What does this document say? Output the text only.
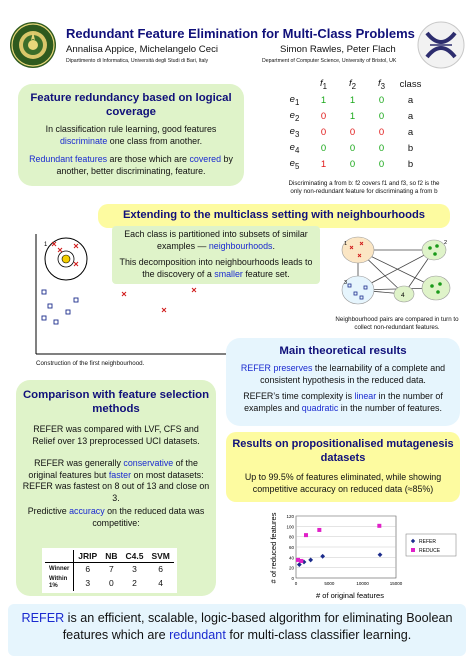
Redundant Feature Elimination for Multi-Class Problems
Annalisa Appice, Michelangelo Ceci	Simon Rawles, Peter Flach
Dipartimento di Informatica, Università degli Studi di Bari, Italy	Department of Computer Science, University of Bristol, UK
Feature redundancy based on logical coverage
In classification rule learning, good features discriminate one class from another.
Redundant features are those which are covered by another, better discriminating, feature.
	$f_1$	$f_2$	$f_3$	class
$e_1$	1	1	0	a
$e_2$	0	1	0	a
$e_3$	0	0	0	a
$e_4$	0	0	0	b
$e_5$	1	0	0	b
Discriminating a from b: f2 covers f1 and f3, so f2 is the
only non-redundant feature for discriminating a from b
Extending to the multiclass setting with neighbourhoods
Each class is partitioned into subsets of similar examples — neighbourhoods.
This decomposition into neighbourhoods leads to the discovery of a smaller feature set.
1
Construction of the first neighbourhood.
1	2
3
4
Neighbourhood pairs are compared in turn to
collect non-redundant features.
Main theoretical results
REFER preserves the learnability of a complete and consistent hypothesis in the reduced data.
REFER’s time complexity is linear in the number of examples and quadratic in the number of features.
Comparison with feature selection methods
REFER was compared with LVF, CFS and Relief over 13 preprocessed UCI datasets.
REFER was generally conservative of the original features but faster on most datasets: REFER was fastest on 8 out of 13 and close on 3.
Predictive accuracy on the reduced data was competitive:
	JRIP	NB	C4.5	SVM
Winner	6	7	3	6
Within 1%	3	0	2	4
Results on propositionalised mutagenesis datasets
Up to 99.5% of features eliminated, while showing competitive accuracy on reduced data (≈85%)
# of reduced features
# of original features
0
20
40
60
80
100
120
0	5000	10000	15000
REFER
REDUCE
REFER is an efficient, scalable, logic-based algorithm for eliminating Boolean features which are redundant for multi-class classifier learning.
